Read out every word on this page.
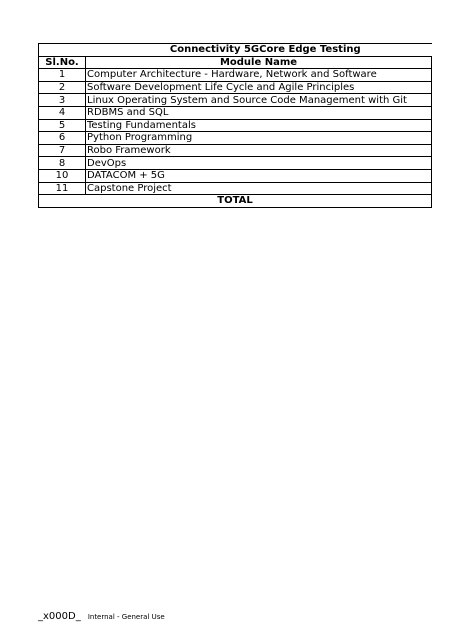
Connectivity 5GCore Edge Testing	
Sl.No.	Module Name
1	Computer Architecture - Hardware, Network and Software
2	Software Development Life Cycle and Agile Principles
3	Linux Operating System and Source Code Management with Git
4	RDBMS and SQL
5	Testing Fundamentals
6	Python Programming
7	Robo Framework
8	DevOps
10	DATACOM + 5G
11	Capstone Project
TOTAL	
_x000D_ Internal - General Use
